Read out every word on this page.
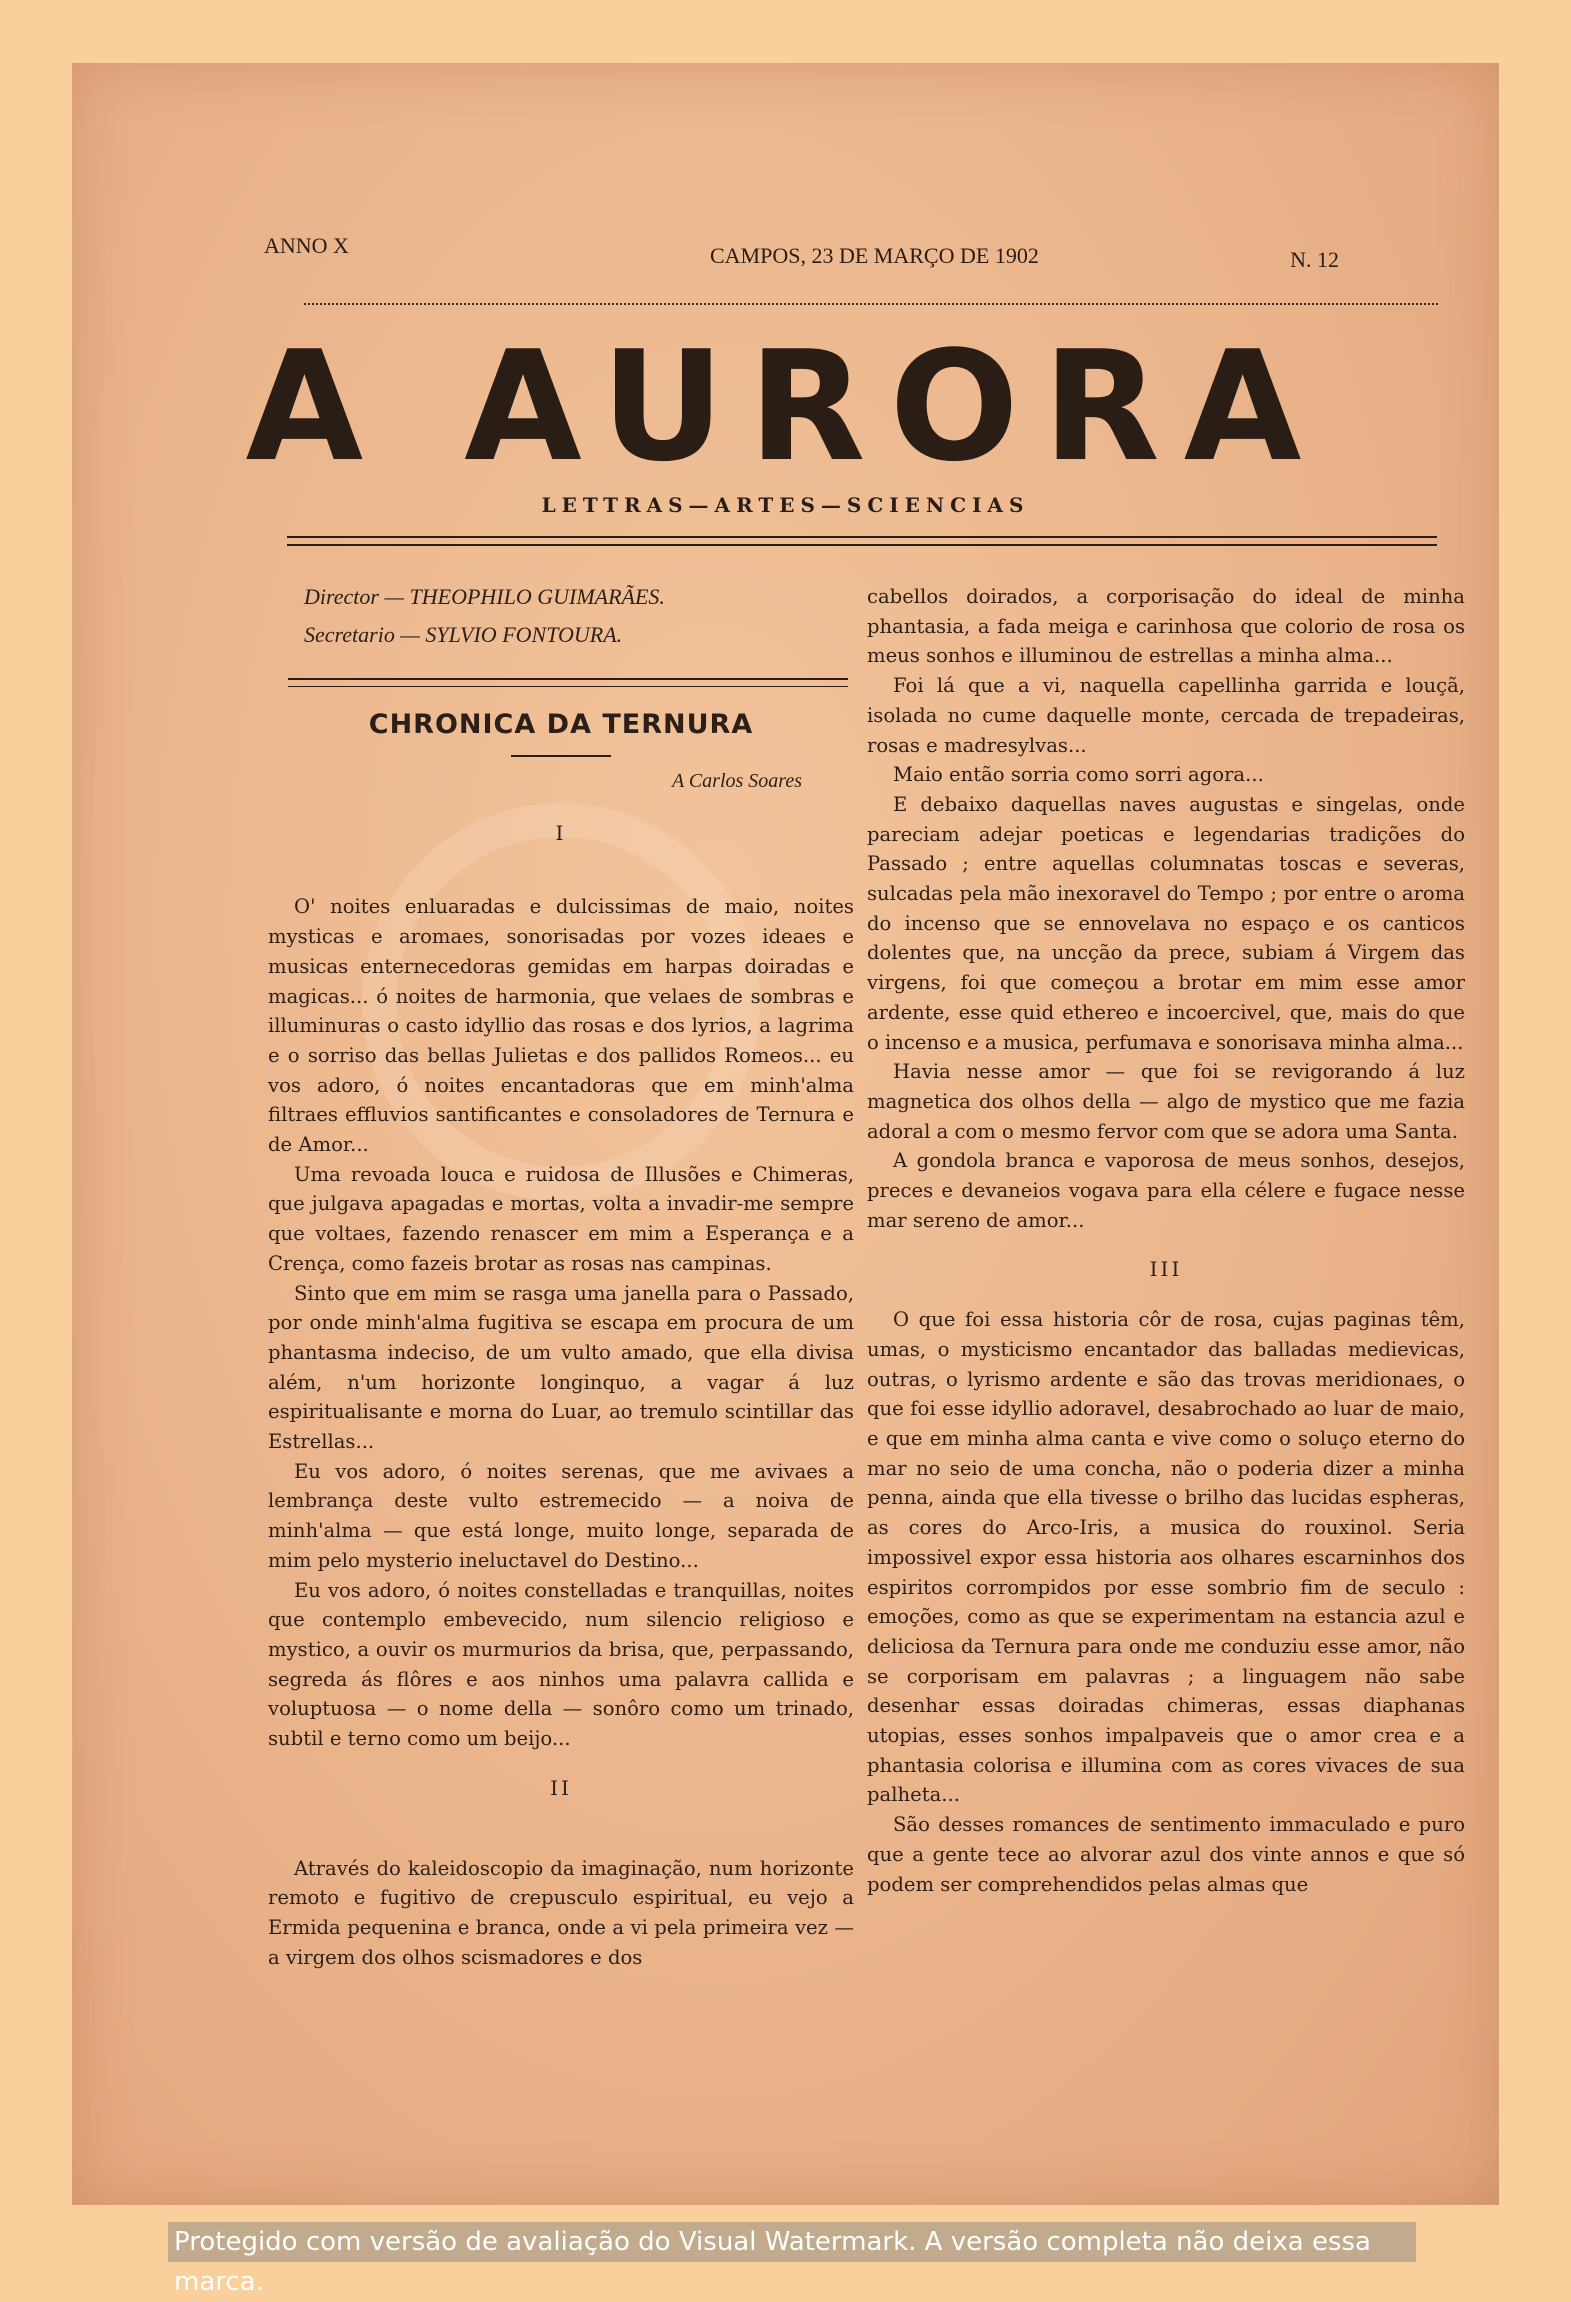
ANNO X	CAMPOS, 23 DE MARÇO DE 1902	N. 12
A AURORA
LETTRAS—ARTES—SCIENCIAS
Director — THEOPHILO GUIMARÃES.
Secretario — SYLVIO FONTOURA.
CHRONICA DA TERNURA
A Carlos Soares
I

O' noites enluaradas e dulcissimas de maio, noites mysticas e aromaes, sonorisadas por vozes ideaes e musicas enternecedoras gemidas em harpas doiradas e magicas... ó noites de harmonia, que velaes de sombras e illuminuras o casto idyllio das rosas e dos lyrios, a lagrima e o sorriso das bellas Julietas e dos pallidos Romeos... eu vos adoro, ó noites encantadoras que em minh'alma filtraes effluvios santificantes e consoladores de Ternura e de Amor...

Uma revoada louca e ruidosa de Illusões e Chimeras, que julgava apagadas e mortas, volta a invadir-me sempre que voltaes, fazendo renascer em mim a Esperança e a Crença, como fazeis brotar as rosas nas campinas.

Sinto que em mim se rasga uma janella para o Passado, por onde minh'alma fugitiva se escapa em procura de um phantasma indeciso, de um vulto amado, que ella divisa além, n'um horizonte longinquo, a vagar á luz espiritualisante e morna do Luar, ao tremulo scintillar das Estrellas...

Eu vos adoro, ó noites serenas, que me avivaes a lembrança deste vulto estremecido — a noiva de minh'alma — que está longe, muito longe, separada de mim pelo mysterio ineluctavel do Destino...

Eu vos adoro, ó noites constelladas e tranquillas, noites que contemplo embevecido, num silencio religioso e mystico, a ouvir os murmurios da brisa, que, perpassando, segreda ás flôres e aos ninhos uma palavra callida e voluptuosa — o nome della — sonôro como um trinado, subtil e terno como um beijo...

II

Através do kaleidoscopio da imaginação, num horizonte remoto e fugitivo de crepusculo espiritual, eu vejo a Ermida pequenina e branca, onde a vi pela primeira vez — a virgem dos olhos scismadores e dos

cabellos doirados, a corporisação do ideal de minha phantasia, a fada meiga e carinhosa que colorio de rosa os meus sonhos e illuminou de estrellas a minha alma...

Foi lá que a vi, naquella capellinha garrida e louçã, isolada no cume daquelle monte, cercada de trepadeiras, rosas e madresylvas...

Maio então sorria como sorri agora...

E debaixo daquellas naves augustas e singelas, onde pareciam adejar poeticas e legendarias tradições do Passado ; entre aquellas columnatas toscas e severas, sulcadas pela mão inexoravel do Tempo ; por entre o aroma do incenso que se ennovelava no espaço e os canticos dolentes que, na uncção da prece, subiam á Virgem das virgens, foi que começou a brotar em mim esse amor ardente, esse quid ethereo e incoercivel, que, mais do que o incenso e a musica, perfumava e sonorisava minha alma...

Havia nesse amor — que foi se revigorando á luz magnetica dos olhos della — algo de mystico que me fazia adoral a com o mesmo fervor com que se adora uma Santa.

A gondola branca e vaporosa de meus sonhos, desejos, preces e devaneios vogava para ella célere e fugace nesse mar sereno de amor...

III

O que foi essa historia côr de rosa, cujas paginas têm, umas, o mysticismo encantador das balladas medievicas, outras, o lyrismo ardente e são das trovas meridionaes, o que foi esse idyllio adoravel, desabrochado ao luar de maio, e que em minha alma canta e vive como o soluço eterno do mar no seio de uma concha, não o poderia dizer a minha penna, ainda que ella tivesse o brilho das lucidas espheras, as cores do Arco-Iris, a musica do rouxinol. Seria impossivel expor essa historia aos olhares escarninhos dos espiritos corrompidos por esse sombrio fim de seculo : emoções, como as que se experimentam na estancia azul e deliciosa da Ternura para onde me conduziu esse amor, não se corporisam em palavras ; a linguagem não sabe desenhar essas doiradas chimeras, essas diaphanas utopias, esses sonhos impalpaveis que o amor crea e a phantasia colorisa e illumina com as cores vivaces de sua palheta...

São desses romances de sentimento immaculado e puro que a gente tece ao alvorar azul dos vinte annos e que só podem ser comprehendidos pelas almas que

Protegido com versão de avaliação do Visual Watermark. A versão completa não deixa essa marca.
